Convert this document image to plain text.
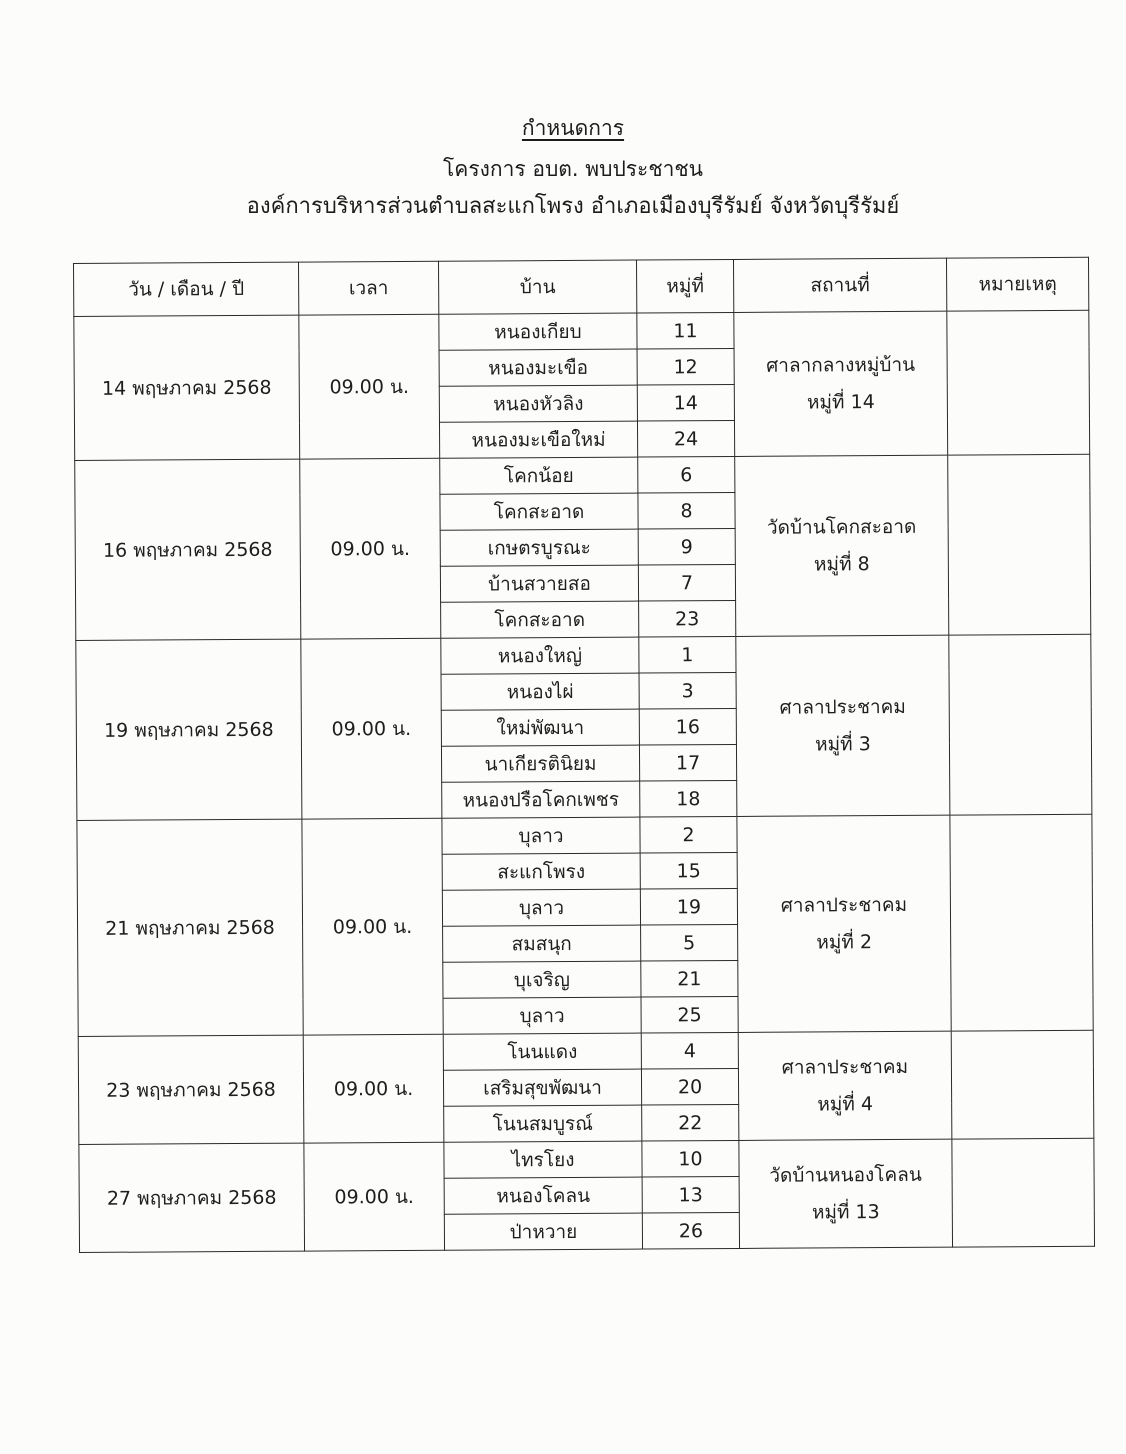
กำหนดการ
โครงการ อบต. พบประชาชน
องค์การบริหารส่วนตำบลสะแกโพรง อำเภอเมืองบุรีรัมย์ จังหวัดบุรีรัมย์
วัน / เดือน / ปี	เวลา	บ้าน	หมู่ที่	สถานที่	หมายเหตุ
14 พฤษภาคม 2568	09.00 น.	หนองเกียบ	11	ศาลากลางหมู่บ้าน
หมู่ที่ 14	

		หนองมะเขือ	12		
		หนองหัวลิง	14		
		หนองมะเขือใหม่	24		
16 พฤษภาคม 2568	09.00 น.	โคกน้อย	6	วัดบ้านโคกสะอาด
หมู่ที่ 8	

		โคกสะอาด	8		
		เกษตรบูรณะ	9		
		บ้านสวายสอ	7		
		โคกสะอาด	23		
19 พฤษภาคม 2568	09.00 น.	หนองใหญ่	1	ศาลาประชาคม
หมู่ที่ 3	

		หนองไผ่	3		
		ใหม่พัฒนา	16		
		นาเกียรตินิยม	17		
		หนองปรือโคกเพชร	18		
21 พฤษภาคม 2568	09.00 น.	บุลาว	2	ศาลาประชาคม
หมู่ที่ 2	

		สะแกโพรง	15		
		บุลาว	19		
		สมสนุก	5		
		บุเจริญ	21		
		บุลาว	25		
23 พฤษภาคม 2568	09.00 น.	โนนแดง	4	ศาลาประชาคม
หมู่ที่ 4	

		เสริมสุขพัฒนา	20		
		โนนสมบูรณ์	22		
27 พฤษภาคม 2568	09.00 น.	ไทรโยง	10	วัดบ้านหนองโคลน
หมู่ที่ 13	

		หนองโคลน	13		
		ป่าหวาย	26		
